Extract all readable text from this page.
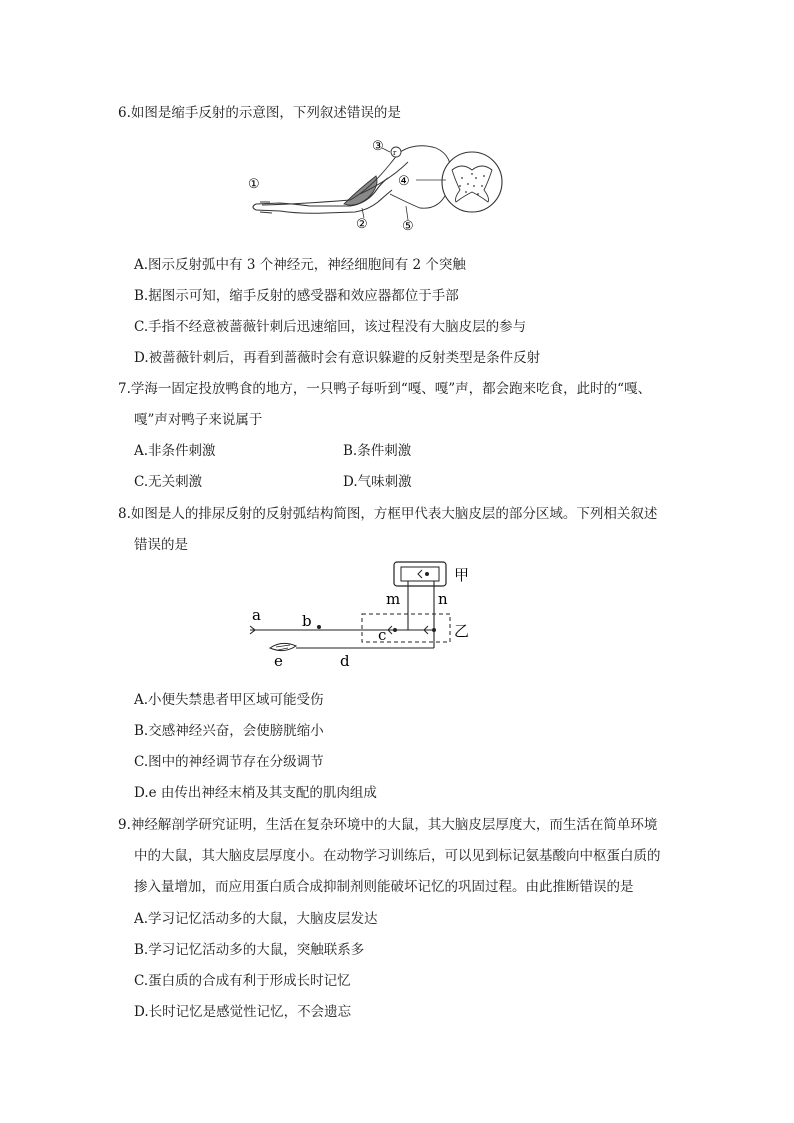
6.如图是缩手反射的示意图，下列叙述错误的是
r
①
②
③
④
⑤
A.图示反射弧中有 3 个神经元，神经细胞间有 2 个突触
B.据图示可知，缩手反射的感受器和效应器都位于手部
C.手指不经意被蔷薇针刺后迅速缩回，该过程没有大脑皮层的参与
D.被蔷薇针刺后，再看到蔷薇时会有意识躲避的反射类型是条件反射
7.学海一固定投放鸭食的地方，一只鸭子每听到“嘎、嘎”声，都会跑来吃食，此时的“嘎、
嘎”声对鸭子来说属于
A.非条件刺激	B.条件刺激
C.无关刺激	D.气味刺激
8.如图是人的排尿反射的反射弧结构简图，方框甲代表大脑皮层的部分区域。下列相关叙述
错误的是
甲
乙
a	b
c
d
e
m	n
A.小便失禁患者甲区域可能受伤
B.交感神经兴奋，会使膀胱缩小
C.图中的神经调节存在分级调节
D.e 由传出神经末梢及其支配的肌肉组成
9.神经解剖学研究证明，生活在复杂环境中的大鼠，其大脑皮层厚度大，而生活在简单环境
中的大鼠，其大脑皮层厚度小。在动物学习训练后，可以见到标记氨基酸向中枢蛋白质的
掺入量增加，而应用蛋白质合成抑制剂则能破坏记忆的巩固过程。由此推断错误的是
A.学习记忆活动多的大鼠，大脑皮层发达
B.学习记忆活动多的大鼠，突触联系多
C.蛋白质的合成有利于形成长时记忆
D.长时记忆是感觉性记忆，不会遗忘
